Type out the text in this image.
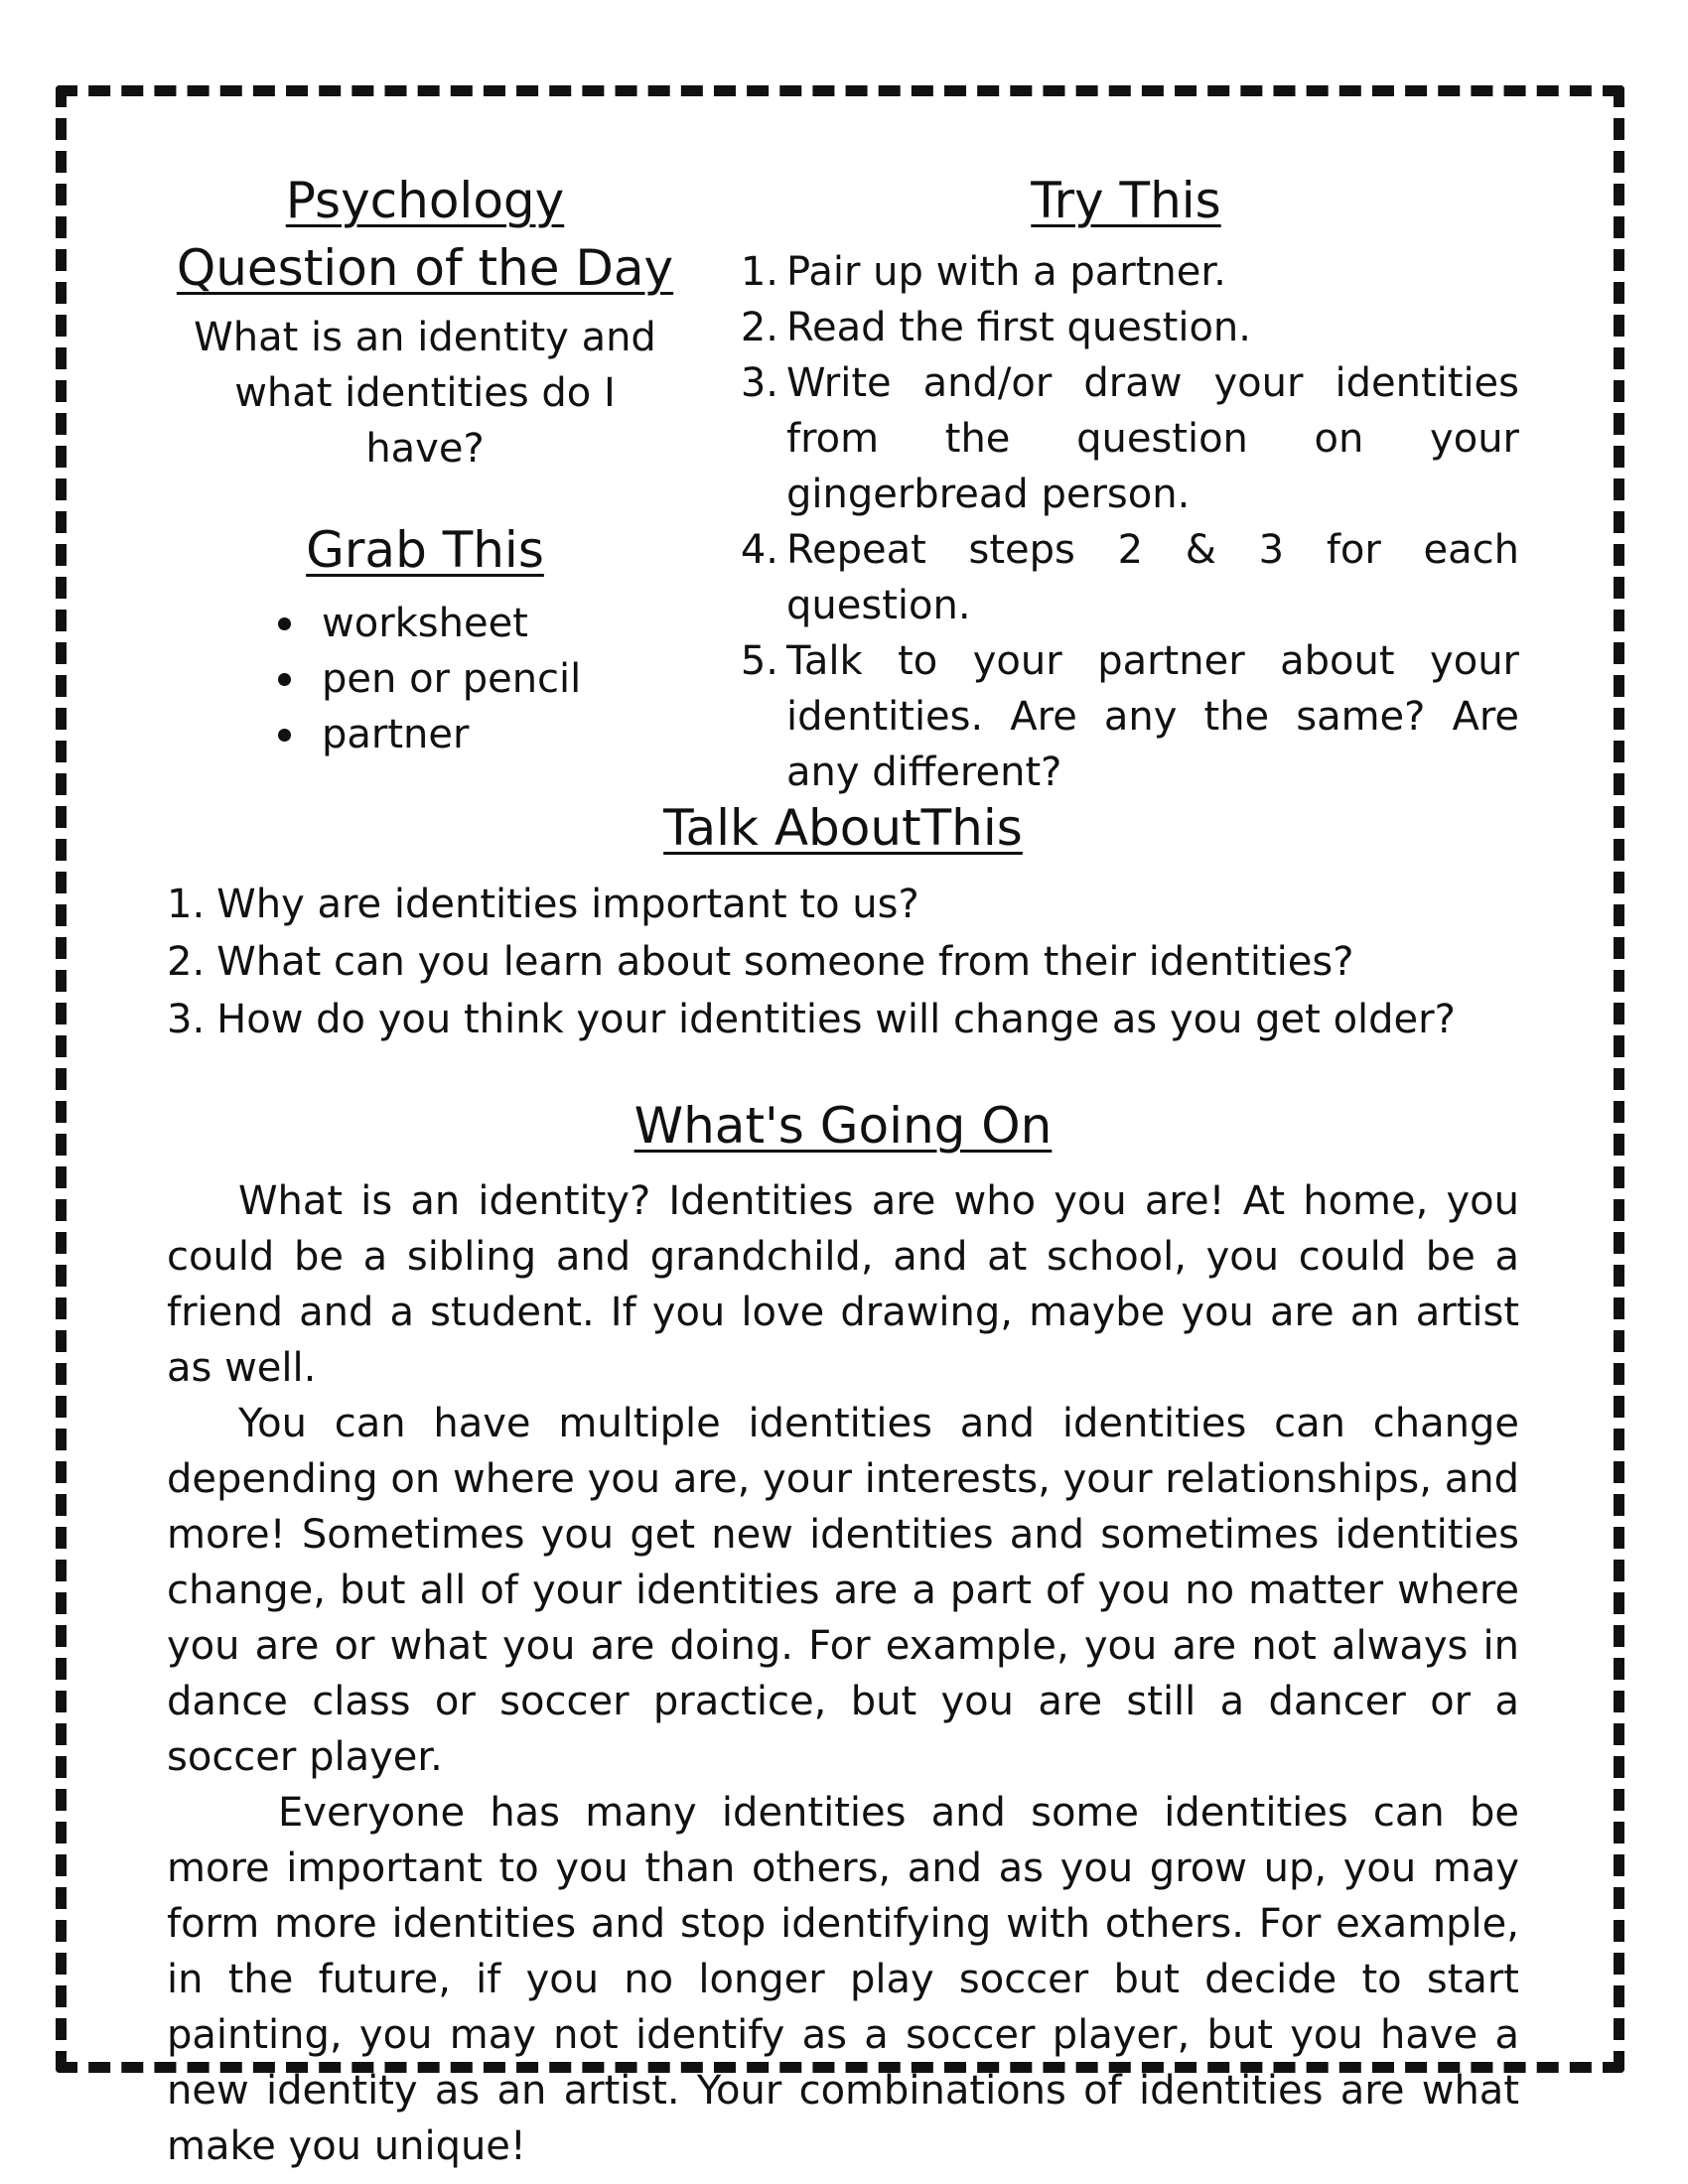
Psychology Question of the Day

What is an identity and what identities do I have?

Grab This
worksheet
pen or pencil
partner
Try This
1. Pair up with a partner.
2. Read the first question.
3. Write and/or draw your identities from the question on your gingerbread person.
4. Repeat steps 2 & 3 for each question.
5. Talk to your partner about your identities. Are any the same? Are any different?
Talk AboutThis
1. Why are identities important to us?
2. What can you learn about someone from their identities?
3. How do you think your identities will change as you get older?
What's Going On

What is an identity? Identities are who you are! At home, you could be a sibling and grandchild, and at school, you could be a friend and a student. If you love drawing, maybe you are an artist as well.

You can have multiple identities and identities can change depending on where you are, your interests, your relationships, and more! Sometimes you get new identities and sometimes identities change, but all of your identities are a part of you no matter where you are or what you are doing. For example, you are not always in dance class or soccer practice, but you are still a dancer or a soccer player.

Everyone has many identities and some identities can be more important to you than others, and as you grow up, you may form more identities and stop identifying with others. For example, in the future, if you no longer play soccer but decide to start painting, you may not identify as a soccer player, but you have a new identity as an artist. Your combinations of identities are what make you unique!
